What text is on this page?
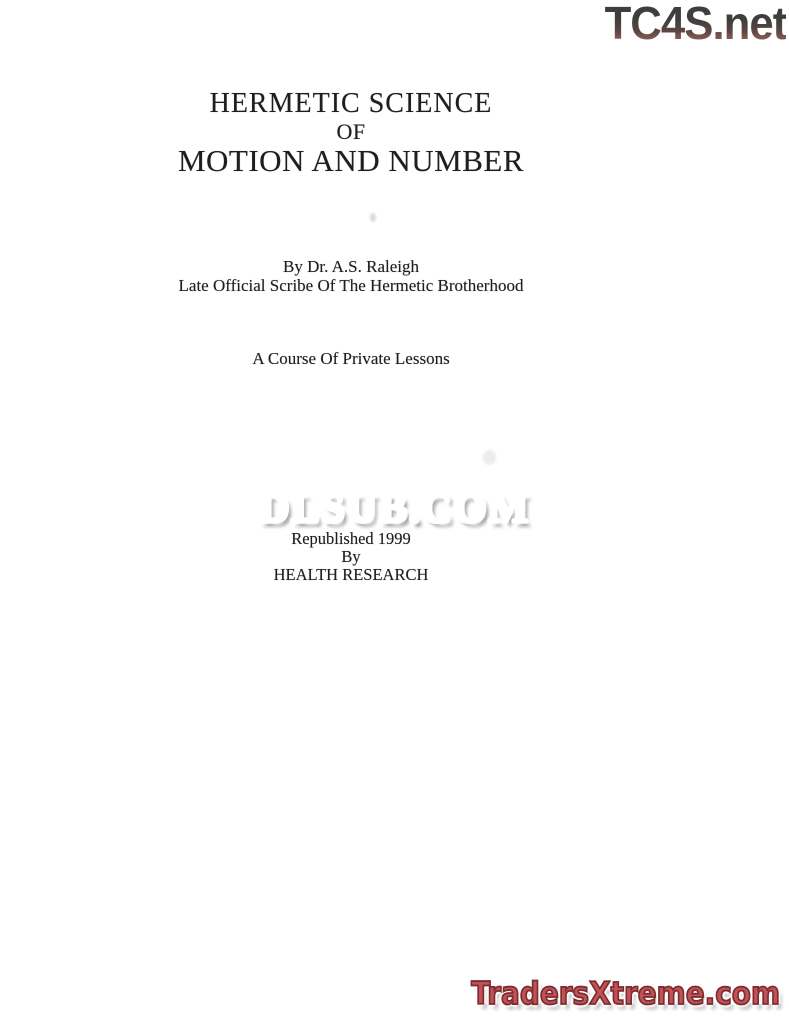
TC4S.net
HERMETIC SCIENCE
OF
MOTION AND NUMBER
By Dr. A.S. Raleigh
Late Official Scribe Of The Hermetic Brotherhood
A Course Of Private Lessons
DLSUB.COM
Republished 1999
By
HEALTH RESEARCH
TradersXtreme.com
